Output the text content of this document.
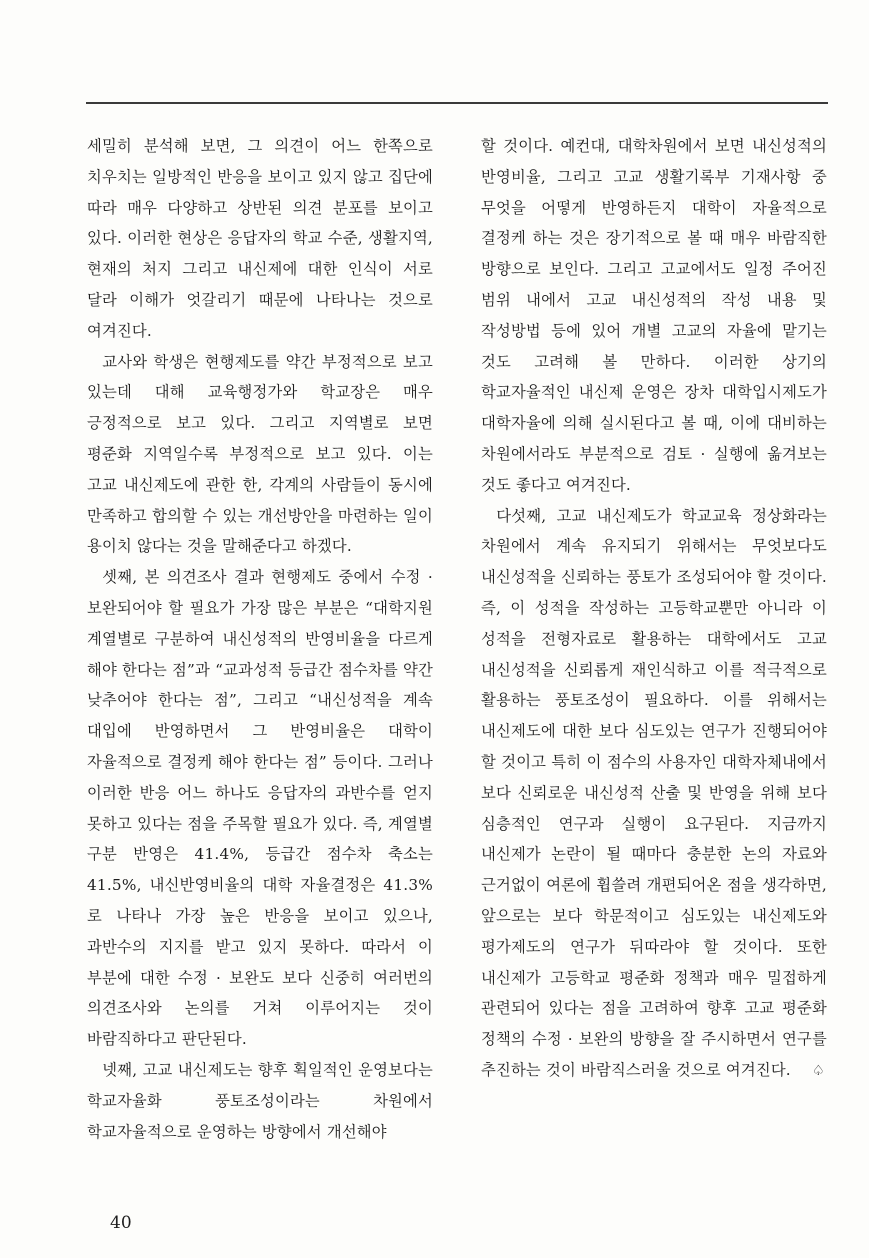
세밀히 분석해 보면, 그 의견이 어느 한쪽으로 치우치는 일방적인 반응을 보이고 있지 않고 집단에 따라 매우 다양하고 상반된 의견 분포를 보이고 있다. 이러한 현상은 응답자의 학교 수준, 생활지역, 현재의 처지 그리고 내신제에 대한 인식이 서로 달라 이해가 엇갈리기 때문에 나타나는 것으로 여겨진다.

교사와 학생은 현행제도를 약간 부정적으로 보고 있는데 대해 교육행정가와 학교장은 매우 긍정적으로 보고 있다. 그리고 지역별로 보면 평준화 지역일수록 부정적으로 보고 있다. 이는 고교 내신제도에 관한 한, 각계의 사람들이 동시에 만족하고 합의할 수 있는 개선방안을 마련하는 일이 용이치 않다는 것을 말해준다고 하겠다.

셋째, 본 의견조사 결과 현행제도 중에서 수정 · 보완되어야 할 필요가 가장 많은 부분은 “대학지원 계열별로 구분하여 내신성적의 반영비율을 다르게 해야 한다는 점”과 “교과성적 등급간 점수차를 약간 낮추어야 한다는 점”, 그리고 “내신성적을 계속 대입에 반영하면서 그 반영비율은 대학이 자율적으로 결정케 해야 한다는 점” 등이다. 그러나 이러한 반응 어느 하나도 응답자의 과반수를 얻지 못하고 있다는 점을 주목할 필요가 있다. 즉, 계열별 구분 반영은 41.4%, 등급간 점수차 축소는 41.5%, 내신반영비율의 대학 자율결정은 41.3%로 나타나 가장 높은 반응을 보이고 있으나, 과반수의 지지를 받고 있지 못하다. 따라서 이 부분에 대한 수정 · 보완도 보다 신중히 여러번의 의견조사와 논의를 거쳐 이루어지는 것이 바람직하다고 판단된다.

넷째, 고교 내신제도는 향후 획일적인 운영보다는 학교자율화 풍토조성이라는 차원에서 학교자율적으로 운영하는 방향에서 개선해야

할 것이다. 예컨대, 대학차원에서 보면 내신성적의 반영비율, 그리고 고교 생활기록부 기재사항 중 무엇을 어떻게 반영하든지 대학이 자율적으로 결정케 하는 것은 장기적으로 볼 때 매우 바람직한 방향으로 보인다. 그리고 고교에서도 일정 주어진 범위 내에서 고교 내신성적의 작성 내용 및 작성방법 등에 있어 개별 고교의 자율에 맡기는 것도 고려해 볼 만하다. 이러한 상기의 학교자율적인 내신제 운영은 장차 대학입시제도가 대학자율에 의해 실시된다고 볼 때, 이에 대비하는 차원에서라도 부분적으로 검토 · 실행에 옮겨보는 것도 좋다고 여겨진다.

다섯째, 고교 내신제도가 학교교육 정상화라는 차원에서 계속 유지되기 위해서는 무엇보다도 내신성적을 신뢰하는 풍토가 조성되어야 할 것이다. 즉, 이 성적을 작성하는 고등학교뿐만 아니라 이 성적을 전형자료로 활용하는 대학에서도 고교 내신성적을 신뢰롭게 재인식하고 이를 적극적으로 활용하는 풍토조성이 필요하다. 이를 위해서는 내신제도에 대한 보다 심도있는 연구가 진행되어야 할 것이고 특히 이 점수의 사용자인 대학자체내에서 보다 신뢰로운 내신성적 산출 및 반영을 위해 보다 심층적인 연구과 실행이 요구된다. 지금까지 내신제가 논란이 될 때마다 충분한 논의 자료와 근거없이 여론에 휩쓸려 개편되어온 점을 생각하면, 앞으로는 보다 학문적이고 심도있는 내신제도와 평가제도의 연구가 뒤따라야 할 것이다. 또한 내신제가 고등학교 평준화 정책과 매우 밀접하게 관련되어 있다는 점을 고려하여 향후 고교 평준화 정책의 수정 · 보완의 방향을 잘 주시하면서 연구를 추진하는 것이 바람직스러울 것으로 여겨진다. ♤

40
